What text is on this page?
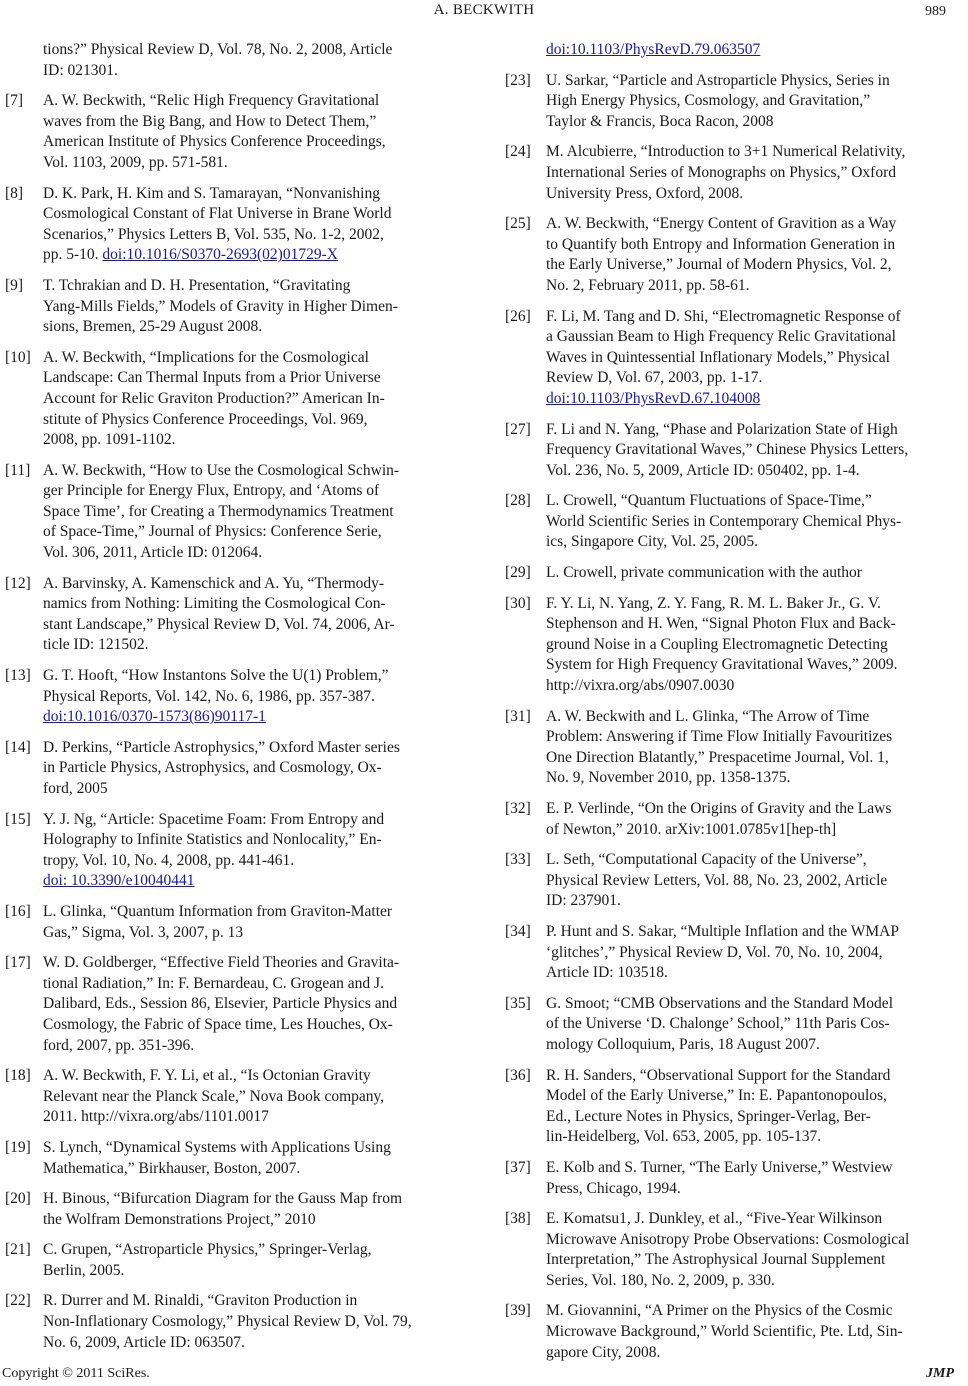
A. BECKWITH	989
tions?” Physical Review D, Vol. 78, No. 2, 2008, Article
ID: 021301.
[7] A. W. Beckwith, “Relic High Frequency Gravitational
waves from the Big Bang, and How to Detect Them,”
American Institute of Physics Conference Proceedings,
Vol. 1103, 2009, pp. 571-581.
[8] D. K. Park, H. Kim and S. Tamarayan, “Nonvanishing
Cosmological Constant of Flat Universe in Brane World
Scenarios,” Physics Letters B, Vol. 535, No. 1-2, 2002,
pp. 5-10. doi:10.1016/S0370-2693(02)01729-X
[9] T. Tchrakian and D. H. Presentation, “Gravitating
Yang-Mills Fields,” Models of Gravity in Higher Dimen-
sions, Bremen, 25-29 August 2008.
[10] A. W. Beckwith, “Implications for the Cosmological
Landscape: Can Thermal Inputs from a Prior Universe
Account for Relic Graviton Production?” American In-
stitute of Physics Conference Proceedings, Vol. 969,
2008, pp. 1091-1102.
[11] A. W. Beckwith, “How to Use the Cosmological Schwin-
ger Principle for Energy Flux, Entropy, and ‘Atoms of
Space Time’, for Creating a Thermodynamics Treatment
of Space-Time,” Journal of Physics: Conference Serie,
Vol. 306, 2011, Article ID: 012064.
[12] A. Barvinsky, A. Kamenschick and A. Yu, “Thermody-
namics from Nothing: Limiting the Cosmological Con-
stant Landscape,” Physical Review D, Vol. 74, 2006, Ar-
ticle ID: 121502.
[13] G. T. Hooft, “How Instantons Solve the U(1) Problem,”
Physical Reports, Vol. 142, No. 6, 1986, pp. 357-387.
doi:10.1016/0370-1573(86)90117-1
[14] D. Perkins, “Particle Astrophysics,” Oxford Master series
in Particle Physics, Astrophysics, and Cosmology, Ox-
ford, 2005
[15] Y. J. Ng, “Article: Spacetime Foam: From Entropy and
Holography to Infinite Statistics and Nonlocality,” En-
tropy, Vol. 10, No. 4, 2008, pp. 441-461.
doi: 10.3390/e10040441
[16] L. Glinka, “Quantum Information from Graviton-Matter
Gas,” Sigma, Vol. 3, 2007, p. 13
[17] W. D. Goldberger, “Effective Field Theories and Gravita-
tional Radiation,” In: F. Bernardeau, C. Grogean and J.
Dalibard, Eds., Session 86, Elsevier, Particle Physics and
Cosmology, the Fabric of Space time, Les Houches, Ox-
ford, 2007, pp. 351-396.
[18] A. W. Beckwith, F. Y. Li, et al., “Is Octonian Gravity
Relevant near the Planck Scale,” Nova Book company,
2011. http://vixra.org/abs/1101.0017
[19] S. Lynch, “Dynamical Systems with Applications Using
Mathematica,” Birkhauser, Boston, 2007.
[20] H. Binous, “Bifurcation Diagram for the Gauss Map from
the Wolfram Demonstrations Project,” 2010
[21] C. Grupen, “Astroparticle Physics,” Springer-Verlag,
Berlin, 2005.
[22] R. Durrer and M. Rinaldi, “Graviton Production in
Non-Inflationary Cosmology,” Physical Review D, Vol. 79,
No. 6, 2009, Article ID: 063507.
doi:10.1103/PhysRevD.79.063507
[23] U. Sarkar, “Particle and Astroparticle Physics, Series in
High Energy Physics, Cosmology, and Gravitation,”
Taylor & Francis, Boca Racon, 2008
[24] M. Alcubierre, “Introduction to 3+1 Numerical Relativity,
International Series of Monographs on Physics,” Oxford
University Press, Oxford, 2008.
[25] A. W. Beckwith, “Energy Content of Gravition as a Way
to Quantify both Entropy and Information Generation in
the Early Universe,” Journal of Modern Physics, Vol. 2,
No. 2, February 2011, pp. 58-61.
[26] F. Li, M. Tang and D. Shi, “Electromagnetic Response of
a Gaussian Beam to High Frequency Relic Gravitational
Waves in Quintessential Inflationary Models,” Physical
Review D, Vol. 67, 2003, pp. 1-17.
doi:10.1103/PhysRevD.67.104008
[27] F. Li and N. Yang, “Phase and Polarization State of High
Frequency Gravitational Waves,” Chinese Physics Letters,
Vol. 236, No. 5, 2009, Article ID: 050402, pp. 1-4.
[28] L. Crowell, “Quantum Fluctuations of Space-Time,”
World Scientific Series in Contemporary Chemical Phys-
ics, Singapore City, Vol. 25, 2005.
[29] L. Crowell, private communication with the author
[30] F. Y. Li, N. Yang, Z. Y. Fang, R. M. L. Baker Jr., G. V.
Stephenson and H. Wen, “Signal Photon Flux and Back-
ground Noise in a Coupling Electromagnetic Detecting
System for High Frequency Gravitational Waves,” 2009.
http://vixra.org/abs/0907.0030
[31] A. W. Beckwith and L. Glinka, “The Arrow of Time
Problem: Answering if Time Flow Initially Favouritizes
One Direction Blatantly,” Prespacetime Journal, Vol. 1,
No. 9, November 2010, pp. 1358-1375.
[32] E. P. Verlinde, “On the Origins of Gravity and the Laws
of Newton,” 2010. arXiv:1001.0785v1[hep-th]
[33] L. Seth, “Computational Capacity of the Universe”,
Physical Review Letters, Vol. 88, No. 23, 2002, Article
ID: 237901.
[34] P. Hunt and S. Sakar, “Multiple Inflation and the WMAP
‘glitches’,” Physical Review D, Vol. 70, No. 10, 2004,
Article ID: 103518.
[35] G. Smoot; “CMB Observations and the Standard Model
of the Universe ‘D. Chalonge’ School,” 11th Paris Cos-
mology Colloquium, Paris, 18 August 2007.
[36] R. H. Sanders, “Observational Support for the Standard
Model of the Early Universe,” In: E. Papantonopoulos,
Ed., Lecture Notes in Physics, Springer-Verlag, Ber-
lin-Heidelberg, Vol. 653, 2005, pp. 105-137.
[37] E. Kolb and S. Turner, “The Early Universe,” Westview
Press, Chicago, 1994.
[38] E. Komatsu1, J. Dunkley, et al., “Five-Year Wilkinson
Microwave Anisotropy Probe Observations: Cosmological
Interpretation,” The Astrophysical Journal Supplement
Series, Vol. 180, No. 2, 2009, p. 330.
[39] M. Giovannini, “A Primer on the Physics of the Cosmic
Microwave Background,” World Scientific, Pte. Ltd, Sin-
gapore City, 2008.
Copyright © 2011 SciRes.	JMP
